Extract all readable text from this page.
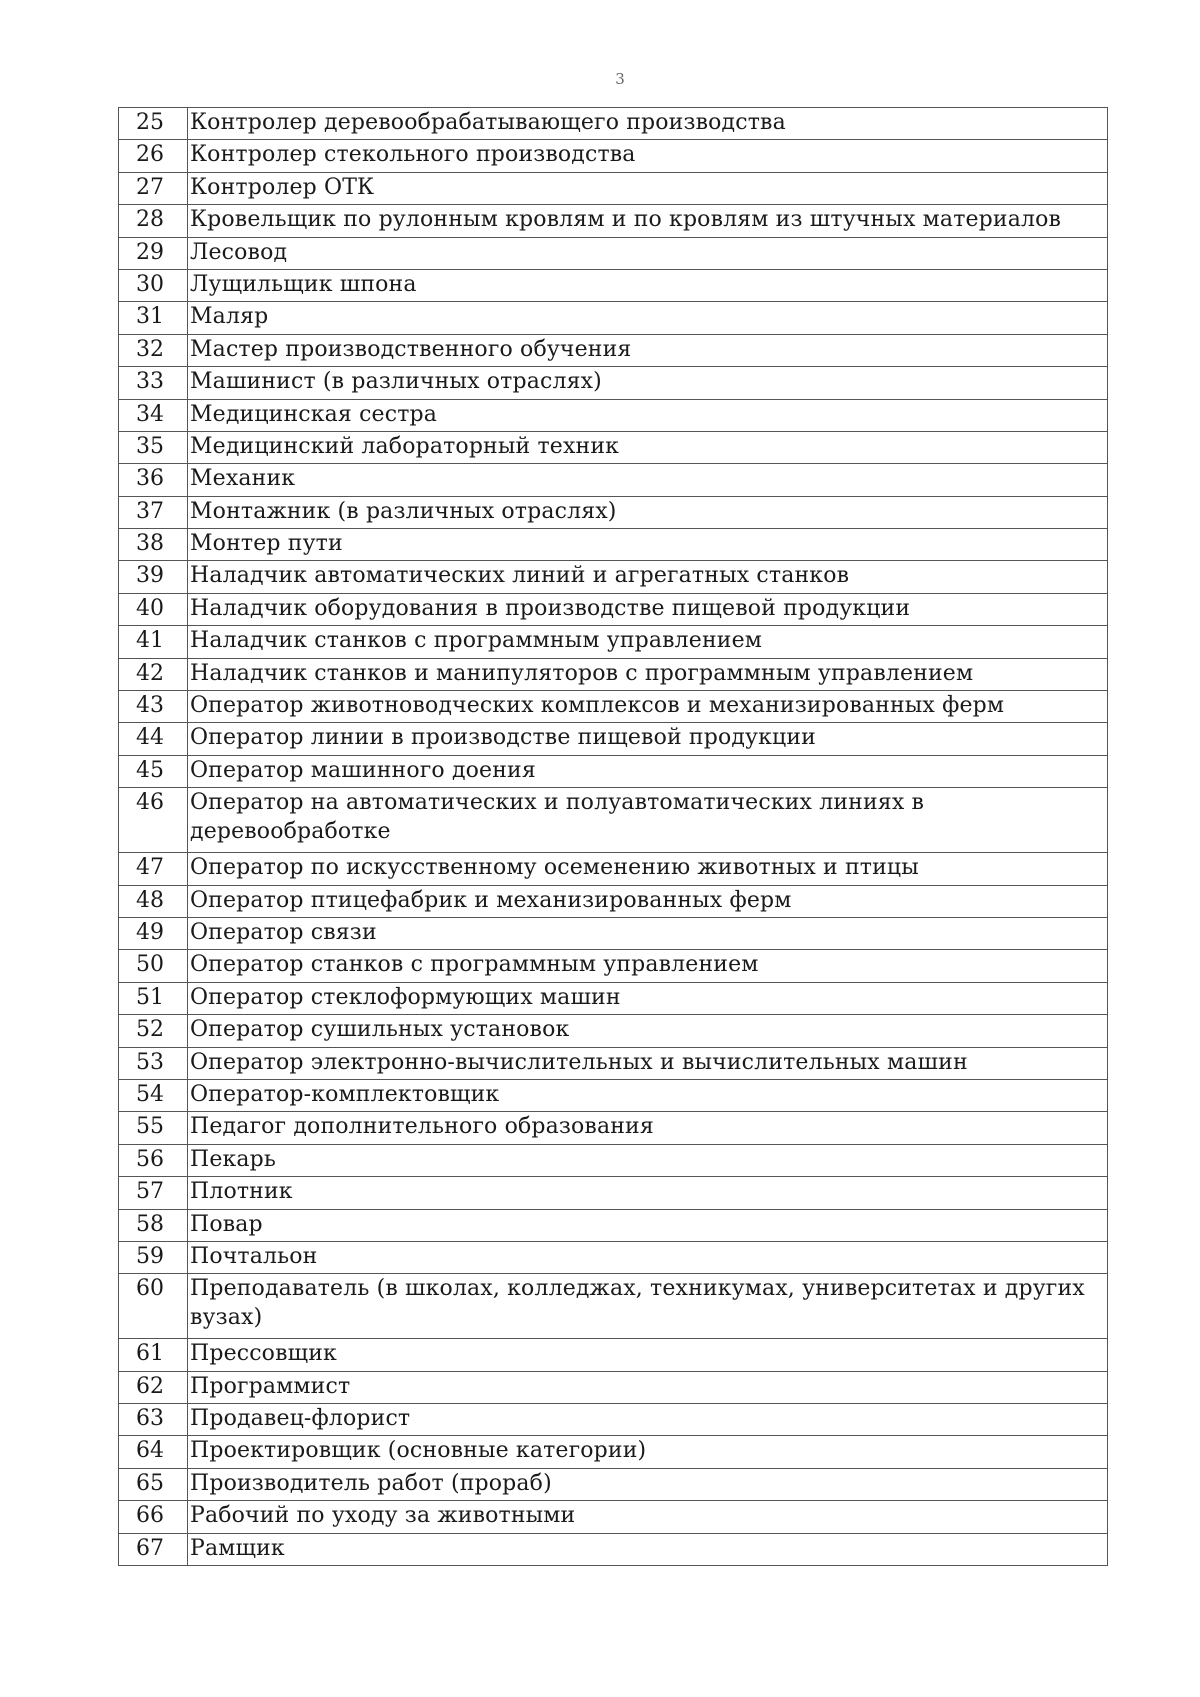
3
25	Контролер деревообрабатывающего производства
26	Контролер стекольного производства
27	Контролер ОТК
28	Кровельщик по рулонным кровлям и по кровлям из штучных материалов
29	Лесовод
30	Лущильщик шпона
31	Маляр
32	Мастер производственного обучения
33	Машинист (в различных отраслях)
34	Медицинская сестра
35	Медицинский лабораторный техник
36	Механик
37	Монтажник (в различных отраслях)
38	Монтер пути
39	Наладчик автоматических линий и агрегатных станков
40	Наладчик оборудования в производстве пищевой продукции
41	Наладчик станков с программным управлением
42	Наладчик станков и манипуляторов с программным управлением
43	Оператор животноводческих комплексов и механизированных ферм
44	Оператор линии в производстве пищевой продукции
45	Оператор машинного доения
46	Оператор на автоматических и полуавтоматических линиях в деревообработке
47	Оператор по искусственному осеменению животных и птицы
48	Оператор птицефабрик и механизированных ферм
49	Оператор связи
50	Оператор станков с программным управлением
51	Оператор стеклоформующих машин
52	Оператор сушильных установок
53	Оператор электронно-вычислительных и вычислительных машин
54	Оператор-комплектовщик
55	Педагог дополнительного образования
56	Пекарь
57	Плотник
58	Повар
59	Почтальон
60	Преподаватель (в школах, колледжах, техникумах, университетах и других вузах)
61	Прессовщик
62	Программист
63	Продавец-флорист
64	Проектировщик (основные категории)
65	Производитель работ (прораб)
66	Рабочий по уходу за животными
67	Рамщик
